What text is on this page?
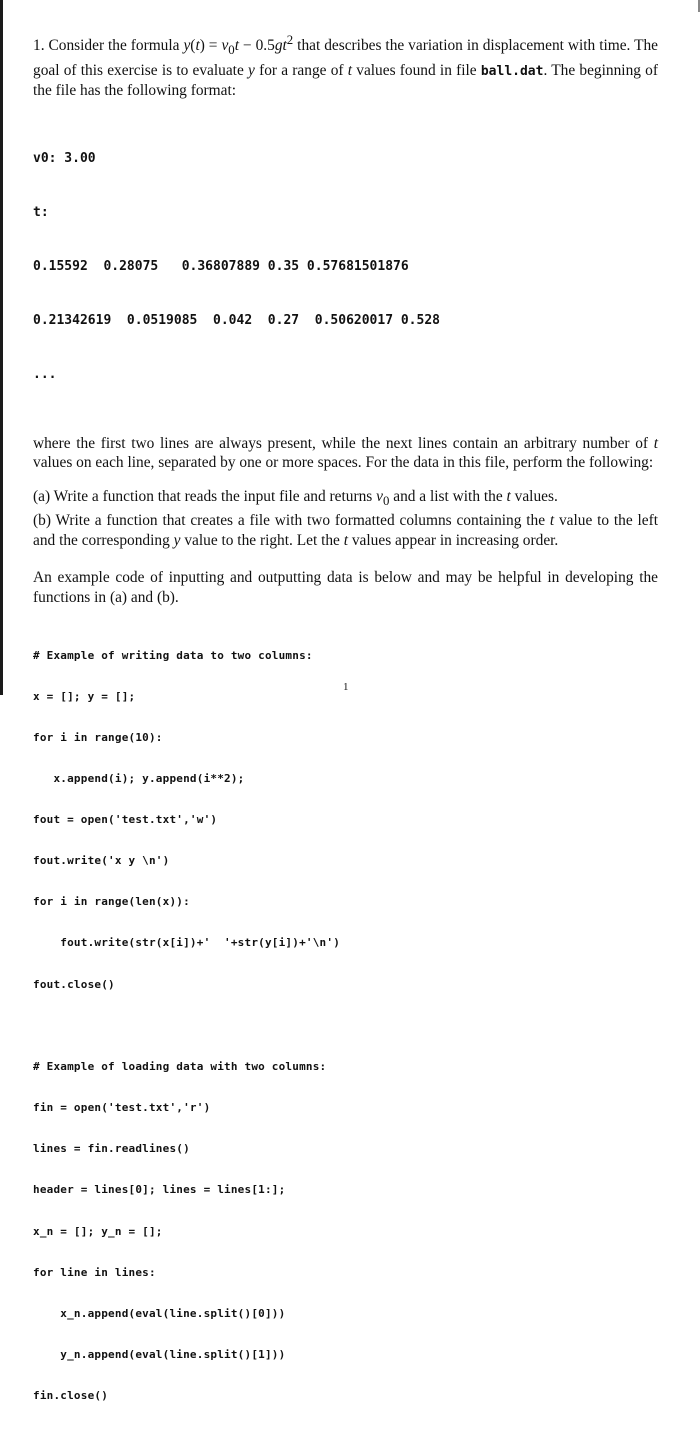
1. Consider the formula $y(t) = v_0t - 0.5gt^2$ that describes the variation in displacement with time. The goal of this exercise is to evaluate y for a range of t values found in file ball.dat. The beginning of the file has the following format:

v0: 3.00

t:

0.15592  0.28075   0.36807889 0.35 0.57681501876

0.21342619  0.0519085  0.042  0.27  0.50620017 0.528

...

where the first two lines are always present, while the next lines contain an arbitrary number of t values on each line, separated by one or more spaces. For the data in this file, perform the following:

(a) Write a function that reads the input file and returns $v_0$ and a list with the t values.

(b) Write a function that creates a file with two formatted columns containing the t value to the left and the corresponding y value to the right. Let the t values appear in increasing order.

An example code of inputting and outputting data is below and may be helpful in developing the functions in (a) and (b).

# Example of writing data to two columns:

x = []; y = [];

for i in range(10):

x.append(i); y.append(i**2);

fout = open('test.txt','w')

fout.write('x y \n')

for i in range(len(x)):

fout.write(str(x[i])+'  '+str(y[i])+'\n')

fout.close()

# Example of loading data with two columns:

fin = open('test.txt','r')

lines = fin.readlines()

header = lines[0]; lines = lines[1:];

x_n = []; y_n = [];

for line in lines:

x_n.append(eval(line.split()[0]))

y_n.append(eval(line.split()[1]))

fin.close()

1
